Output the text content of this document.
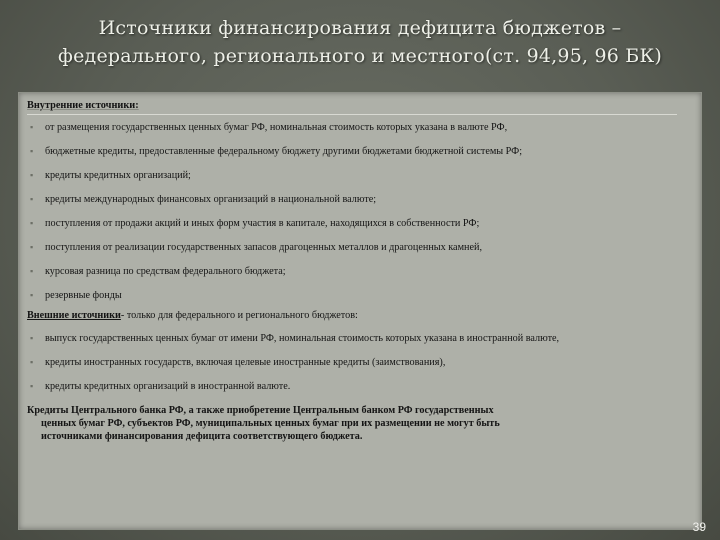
Источники финансирования дефицита бюджетов –
федерального, регионального и местного(ст. 94,95, 96 БК)
Внутренние источники:
▪ от размещения государственных ценных бумаг РФ, номинальная стоимость которых указана в валюте РФ,
▪ бюджетные кредиты, предоставленные федеральному бюджету другими бюджетами бюджетной системы РФ;
▪ кредиты кредитных организаций;
▪ кредиты международных финансовых организаций в национальной валюте;
▪ поступления от продажи акций и иных форм участия в капитале, находящихся в собственности РФ;
▪ поступления от реализации государственных запасов драгоценных металлов и драгоценных камней,
▪ курсовая разница по средствам федерального бюджета;
▪ резервные фонды
Внешние источники- только для федерального и регионального бюджетов:
▪ выпуск государственных ценных бумаг от имени РФ, номинальная стоимость которых указана в иностранной валюте,
▪ кредиты иностранных государств, включая целевые иностранные кредиты (заимствования),
▪ кредиты кредитных организаций в иностранной валюте.
Кредиты Центрального банка РФ, а также приобретение Центральным банком РФ государственных
ценных бумаг РФ, субъектов РФ, муниципальных ценных бумаг при их размещении не могут быть
источниками финансирования дефицита соответствующего бюджета.
39
